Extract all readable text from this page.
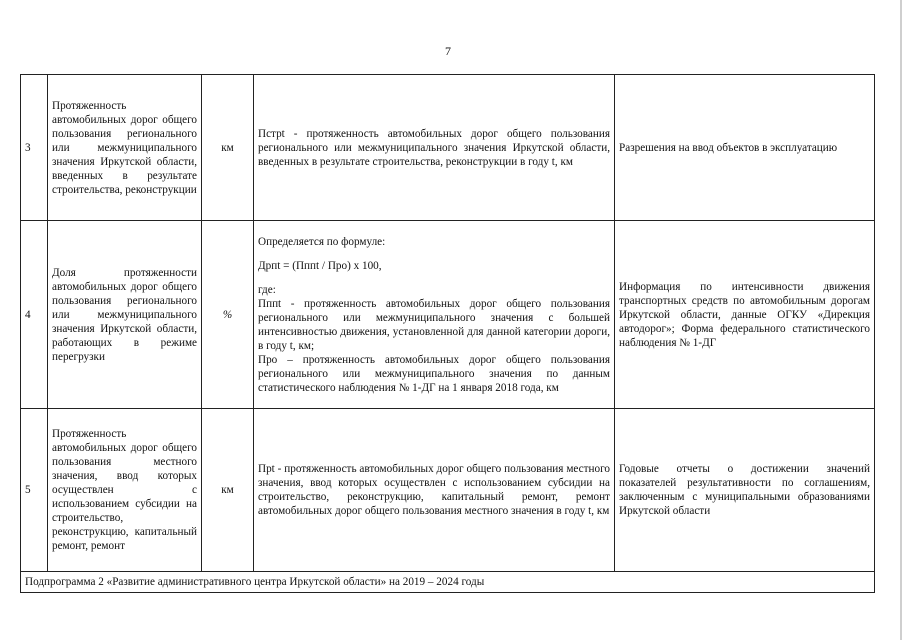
7
3	Протяженность автомобильных дорог общего пользования регионального или межмуниципального значения Иркутской области, введенных в результате строительства, реконструкции	км	Пстрt - протяженность автомобильных дорог общего пользования регионального или межмуниципального значения Иркутской области, введенных в результате строительства, реконструкции в году t, км	Разрешения на ввод объектов в эксплуатацию
4	Доля протяженности автомобильных дорог общего пользования регионального или межмуниципального значения Иркутской области, работающих в режиме перегрузки	%	Определяется по формуле:
Дрпt = (Пппt / Про) x 100,
где:
Пппt - протяженность автомобильных дорог общего пользования регионального или межмуниципального значения с большей интенсивностью движения, установленной для данной категории дороги, в году t, км;
Про – протяженность автомобильных дорог общего пользования регионального или межмуниципального значения по данным статистического наблюдения № 1-ДГ на 1 января 2018 года, км	Информация по интенсивности движения транспортных средств по автомобильным дорогам Иркутской области, данные ОГКУ «Дирекция автодорог»; Форма федерального статистического наблюдения № 1-ДГ
5	Протяженность автомобильных дорог общего пользования местного значения, ввод которых осуществлен с использованием субсидии на строительство, реконструкцию, капитальный ремонт, ремонт	км	Прt - протяженность автомобильных дорог общего пользования местного значения, ввод которых осуществлен с использованием субсидии на строительство, реконструкцию, капитальный ремонт, ремонт автомобильных дорог общего пользования местного значения в году t, км	Годовые отчеты о достижении значений показателей результативности по соглашениям, заключенным с муниципальными образованиями Иркутской области
Подпрограмма 2 «Развитие административного центра Иркутской области» на 2019 – 2024 годы				
